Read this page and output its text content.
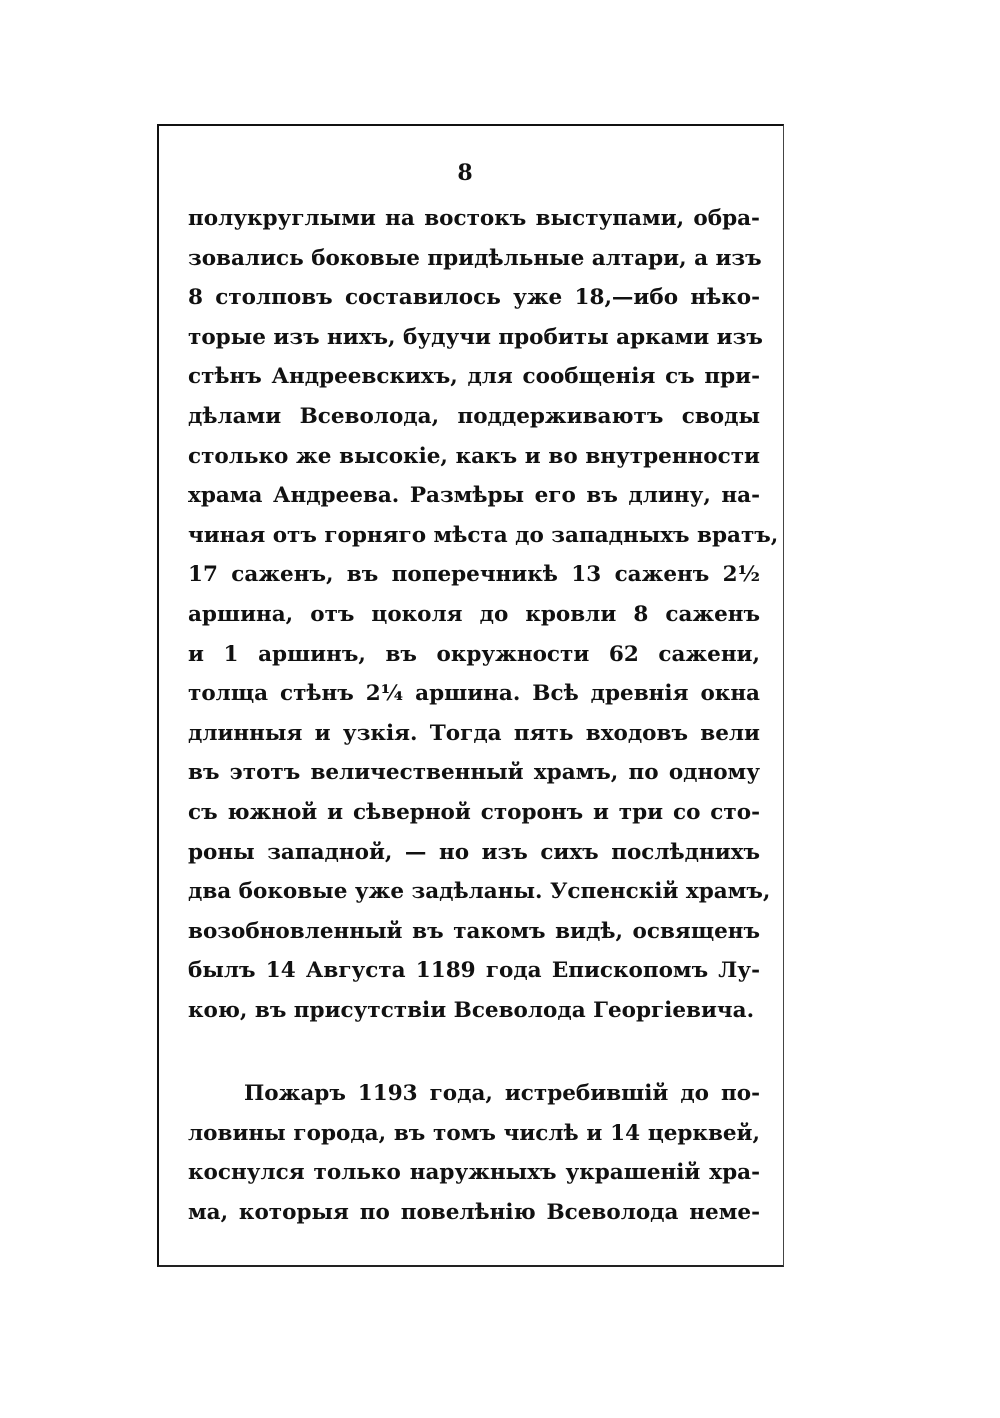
8
полукруглыми на востокъ выступами, обра-
зовались боковые придѣльные алтари, а изъ
8 столповъ составилось уже 18,—ибо нѣко-
торые изъ нихъ, будучи пробиты арками изъ
стѣнъ Андреевскихъ, для сообщенія съ при-
дѣлами Всеволода, поддерживаютъ своды
столько же высокіе, какъ и во внутренности
храма Андреева. Размѣры его въ длину, на-
чиная отъ горняго мѣста до западныхъ вратъ,
17 саженъ, въ поперечникѣ 13 саженъ 2½
аршина, отъ цоколя до кровли 8 саженъ
и 1 аршинъ, въ окружности 62 сажени,
толща стѣнъ 2¼ аршина. Всѣ древнія окна
длинныя и узкія. Тогда пять входовъ вели
въ этотъ величественный храмъ, по одному
съ южной и сѣверной сторонъ и три со сто-
роны западной, — но изъ сихъ послѣднихъ
два боковые уже задѣланы. Успенскій храмъ,
возобновленный въ такомъ видѣ, освященъ
былъ 14 Августа 1189 года Епископомъ Лу-
кою, въ присутствіи Всеволода Георгіевича.
Пожаръ 1193 года, истребившій до по-
ловины города, въ томъ числѣ и 14 церквей,
коснулся только наружныхъ украшеній хра-
ма, которыя по повелѣнію Всеволода неме-
